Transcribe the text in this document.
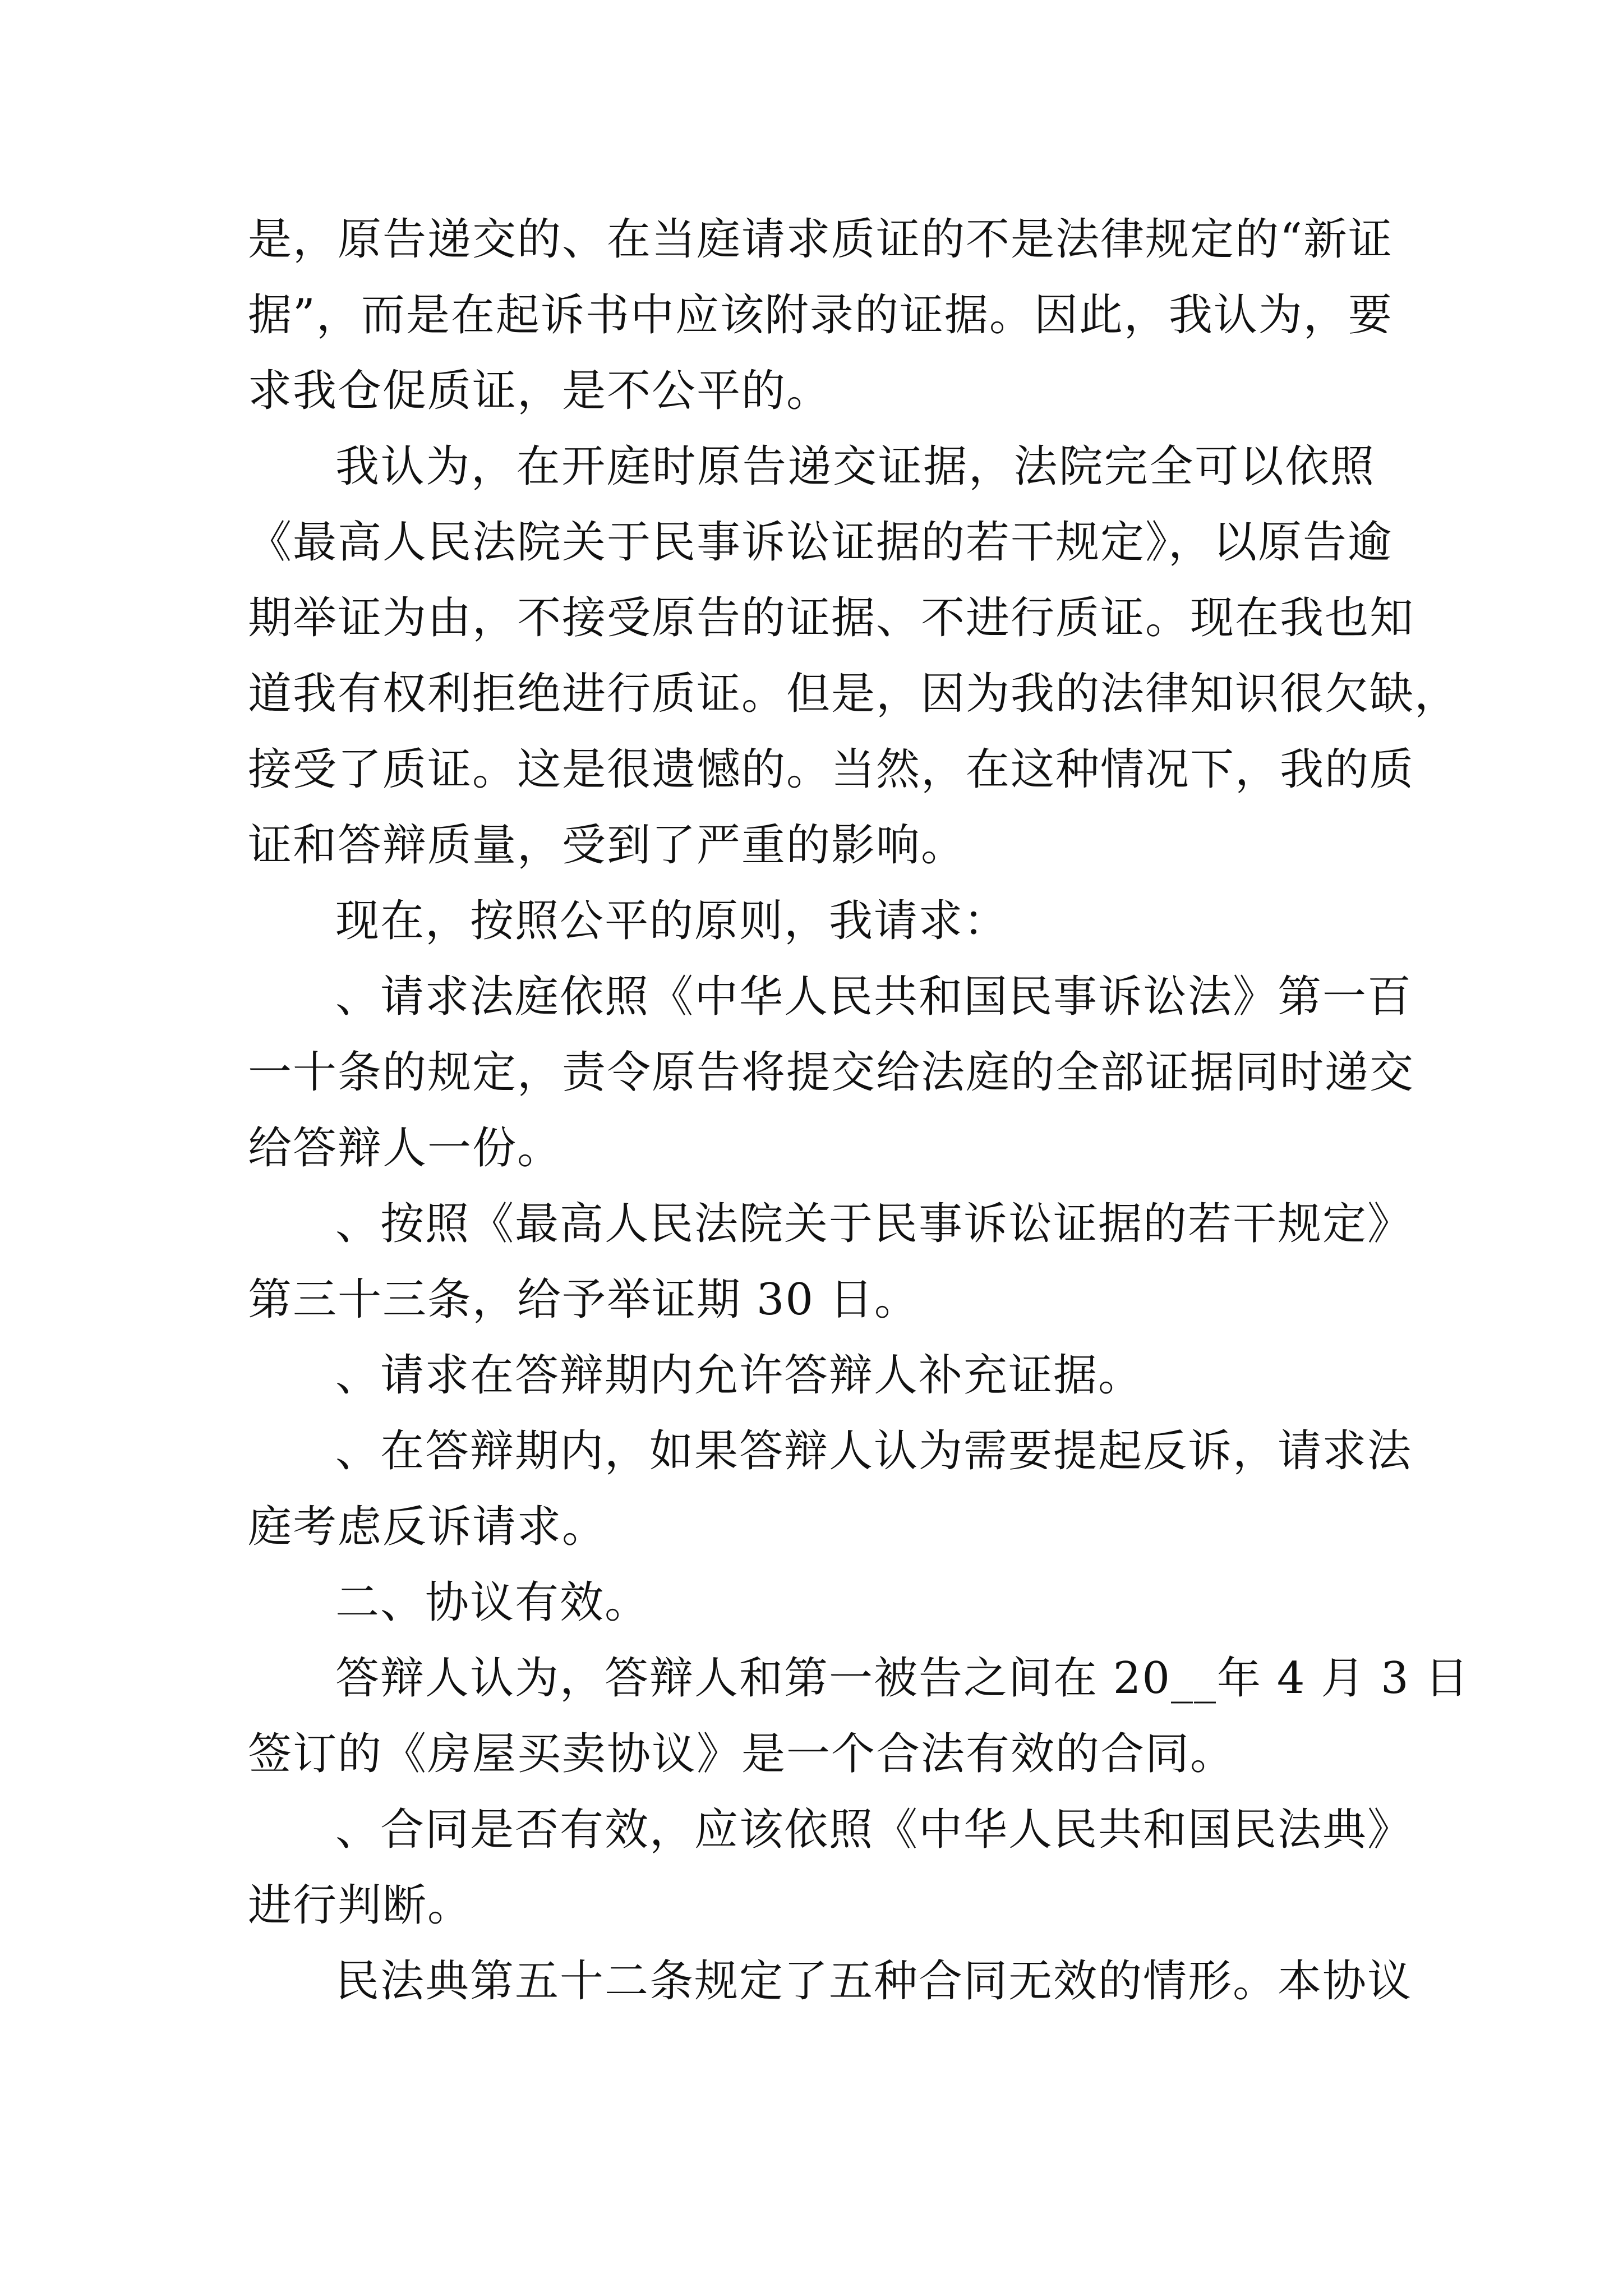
是，原告递交的、在当庭请求质证的不是法律规定的“新证
据”，而是在起诉书中应该附录的证据。因此，我认为，要
求我仓促质证，是不公平的。
我认为，在开庭时原告递交证据，法院完全可以依照
《最高人民法院关于民事诉讼证据的若干规定》，以原告逾
期举证为由，不接受原告的证据、不进行质证。现在我也知
道我有权利拒绝进行质证。但是，因为我的法律知识很欠缺，
接受了质证。这是很遗憾的。当然，在这种情况下，我的质
证和答辩质量，受到了严重的影响。
现在，按照公平的原则，我请求：
、请求法庭依照《中华人民共和国民事诉讼法》第一百
一十条的规定，责令原告将提交给法庭的全部证据同时递交
给答辩人一份。
、按照《最高人民法院关于民事诉讼证据的若干规定》
第三十三条，给予举证期 30 日。
、请求在答辩期内允许答辩人补充证据。
、在答辩期内，如果答辩人认为需要提起反诉，请求法
庭考虑反诉请求。
二、协议有效。
答辩人认为，答辩人和第一被告之间在 20__年 4 月 3 日
签订的《房屋买卖协议》是一个合法有效的合同。
、合同是否有效，应该依照《中华人民共和国民法典》
进行判断。
民法典第五十二条规定了五种合同无效的情形。本协议
